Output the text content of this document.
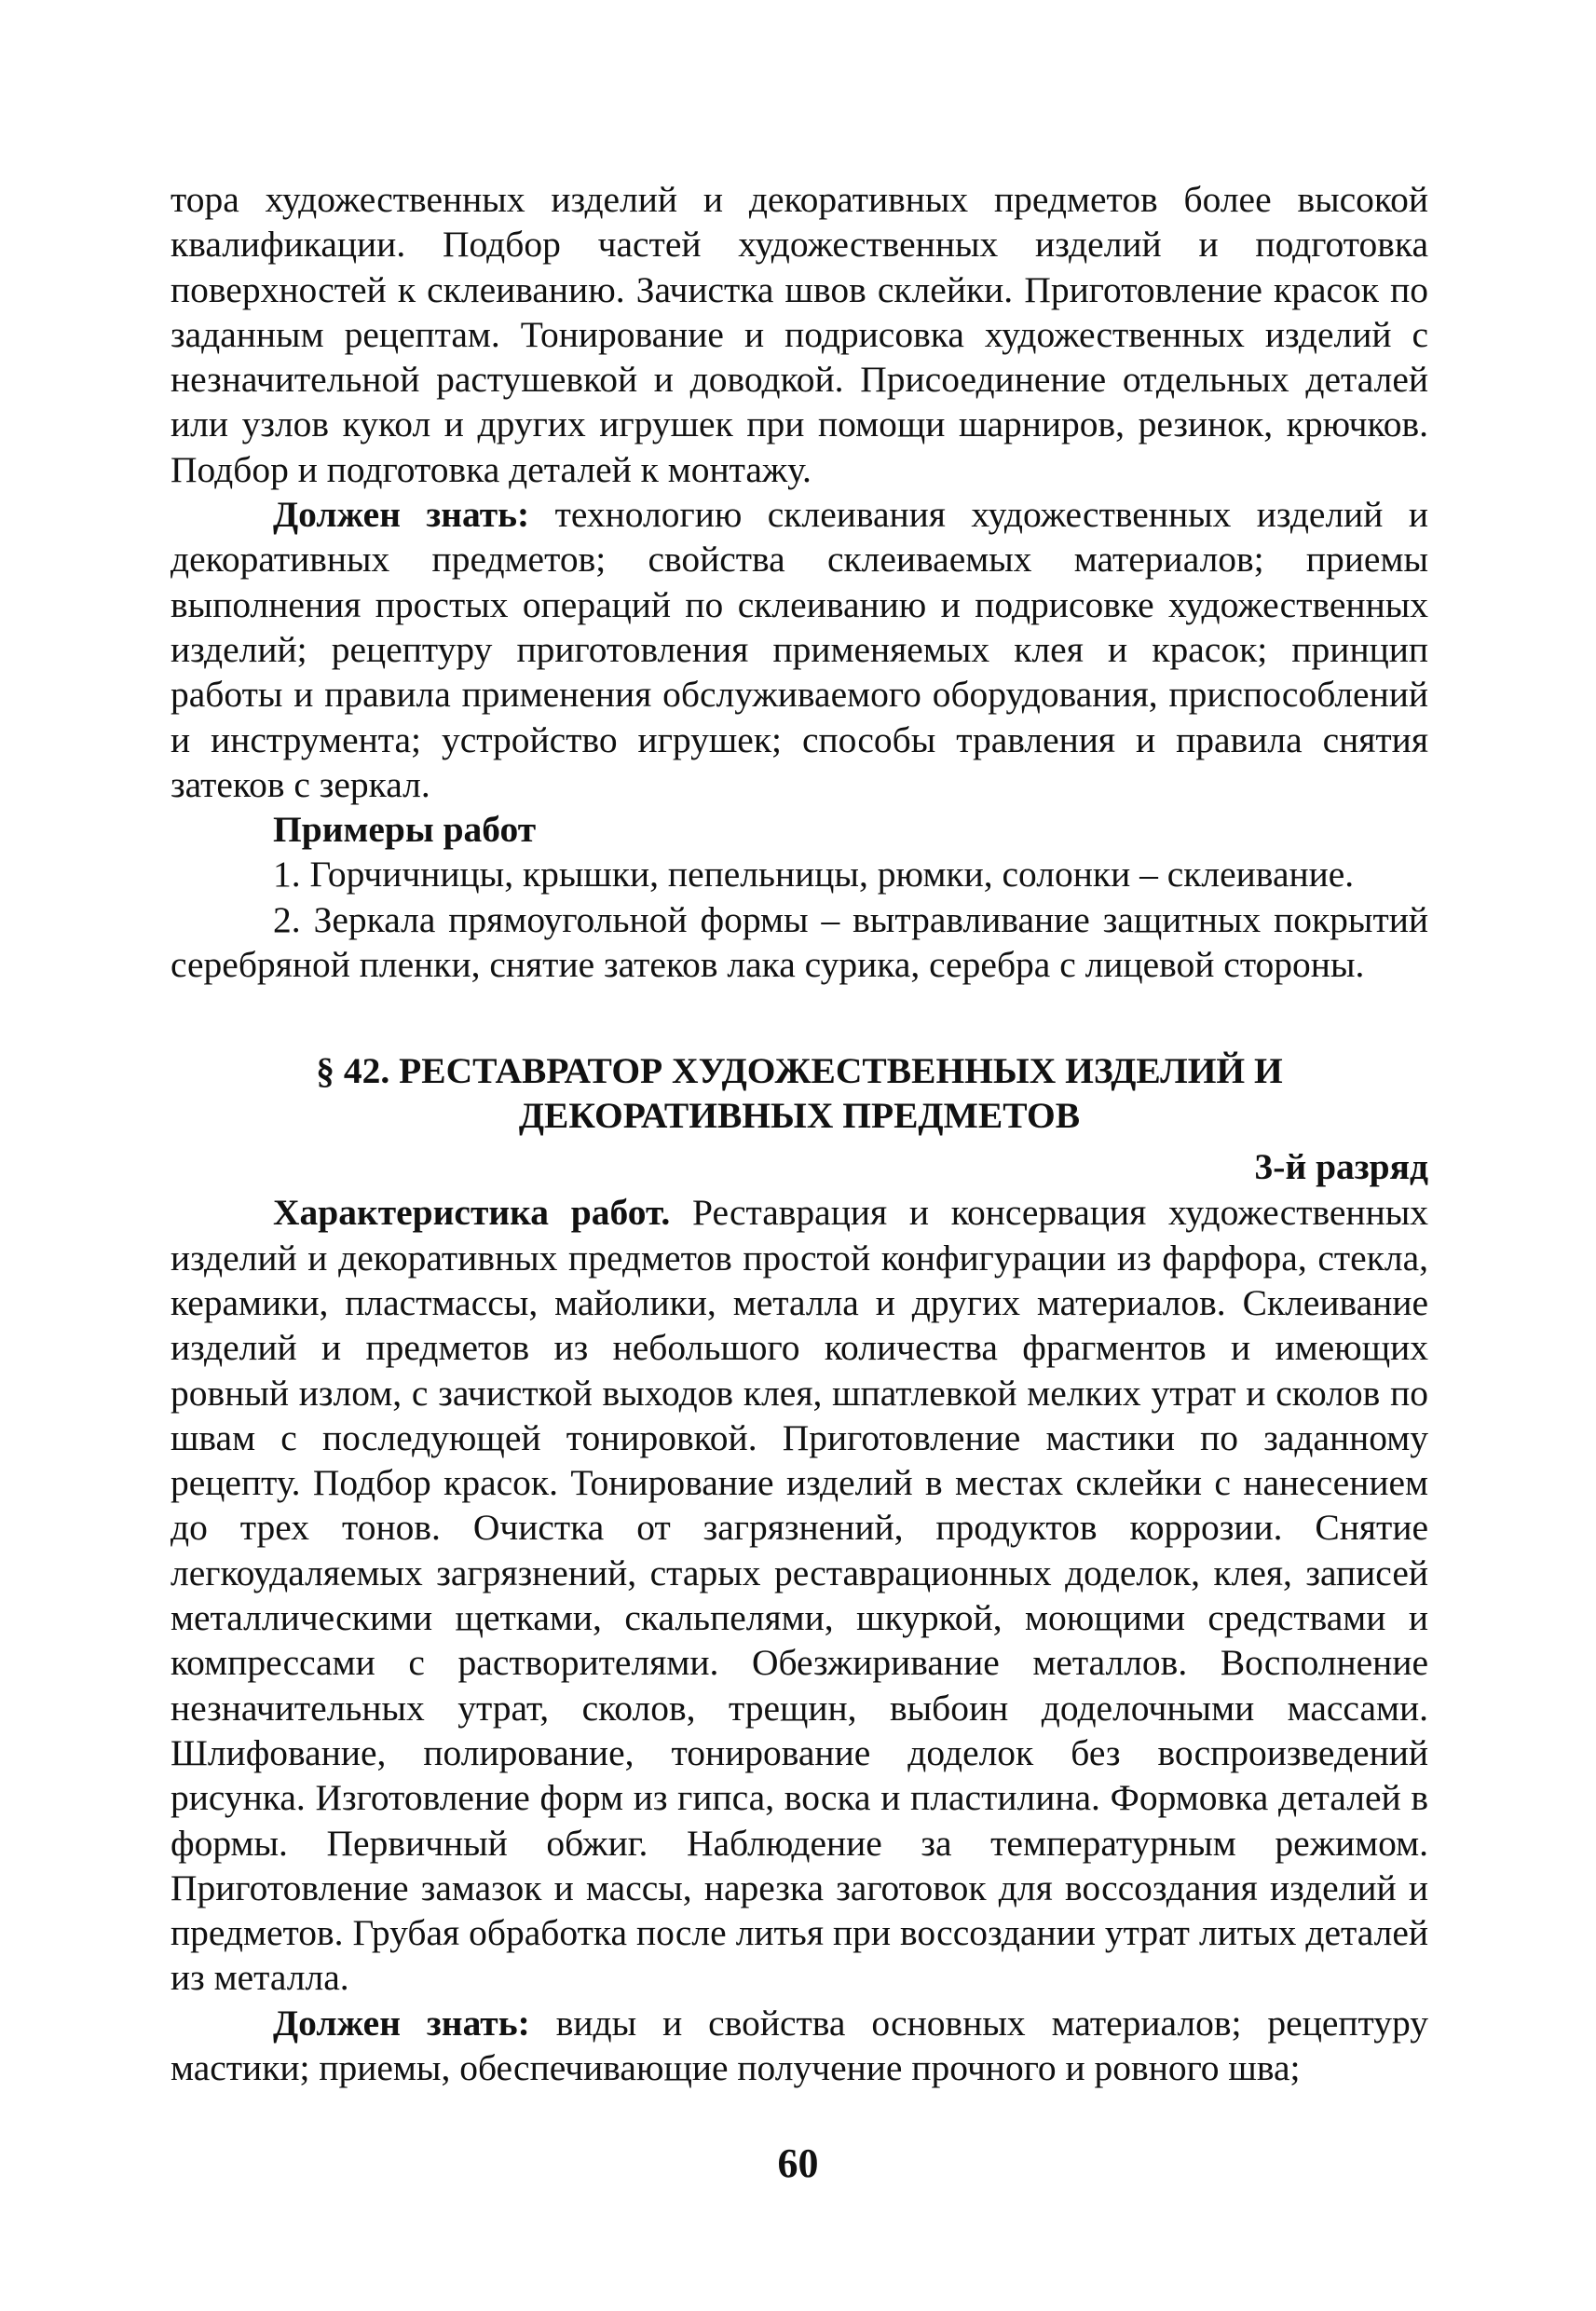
тора художественных изделий и декоративных предметов более высокой квалификации. Подбор частей художественных изделий и подготовка поверхностей к склеиванию. Зачистка швов склейки. Приготовление красок по заданным рецептам. Тонирование и подрисовка художественных изделий с незначительной растушевкой и доводкой. Присоединение отдельных деталей или узлов кукол и других игрушек при помощи шарниров, резинок, крючков. Подбор и подготовка деталей к монтажу.

Должен знать: технологию склеивания художественных изделий и декоративных предметов; свойства склеиваемых материалов; приемы выполнения простых операций по склеиванию и подрисовке художественных изделий; рецептуру приготовления применяемых клея и красок; принцип работы и правила применения обслуживаемого оборудования, приспособлений и инструмента; устройство игрушек; способы травления и правила снятия затеков с зеркал.

Примеры работ

1. Горчичницы, крышки, пепельницы, рюмки, солонки – склеивание.

2. Зеркала прямоугольной формы – вытравливание защитных покрытий серебряной пленки, снятие затеков лака сурика, серебра с лицевой стороны.

§ 42. РЕСТАВРАТОР ХУДОЖЕСТВЕННЫХ ИЗДЕЛИЙ И
ДЕКОРАТИВНЫХ ПРЕДМЕТОВ

3-й разряд

Характеристика работ. Реставрация и консервация художественных изделий и декоративных предметов простой конфигурации из фарфора, стекла, керамики, пластмассы, майолики, металла и других материалов. Склеивание изделий и предметов из небольшого количества фрагментов и имеющих ровный излом, с зачисткой выходов клея, шпатлевкой мелких утрат и сколов по швам с последующей тонировкой. Приготовление мастики по заданному рецепту. Подбор красок. Тонирование изделий в местах склейки с нанесением до трех тонов. Очистка от загрязнений, продуктов коррозии. Снятие легкоудаляемых загрязнений, старых реставрационных доделок, клея, записей металлическими щетками, скальпелями, шкуркой, моющими средствами и компрессами с растворителями. Обезжиривание металлов. Восполнение незначительных утрат, сколов, трещин, выбоин доделочными массами. Шлифование, полирование, тонирование доделок без воспроизведений рисунка. Изготовление форм из гипса, воска и пластилина. Формовка деталей в формы. Первичный обжиг. Наблюдение за температурным режимом. Приготовление замазок и массы, нарезка заготовок для воссоздания изделий и предметов. Грубая обработка после литья при воссоздании утрат литых деталей из металла.

Должен знать: виды и свойства основных материалов; рецептуру мастики; приемы, обеспечивающие получение прочного и ровного шва;

60
